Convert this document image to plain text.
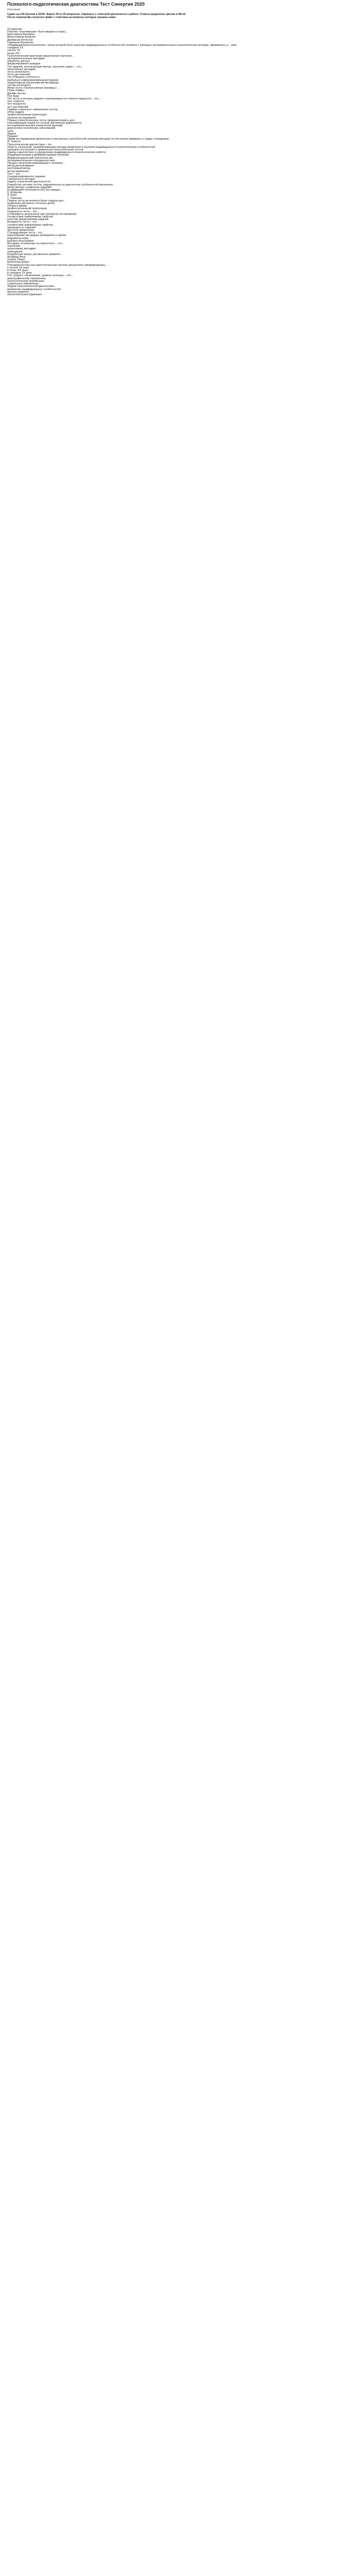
Психолого-педагогическая диагностика Тест Синергия 2020
Описание
Сдано на 100 баллов в 2020г. Верно 30 из 30 вопросов. Скриншот с отметкой прилагается к работе. Ответы выделены цветом в Word-
После покупки Вы получите файл с ответами на вопросы которые указаны ниже:
Оглавление
Понятие «психометрия» было введено в науку…
Кристианом Вольфом
Вильгельмом Вундтом
Джеймсом Кеттелом
Германом Роршахом
«Индивидуальная психология», целью которой было изучение индивидуальных особенностей человека с помощью экспериментально-психологических методов, оформилась в… веке
середине XX
начале XX
конце XIX
Психологический практикум предполагает изучение…
экспериментальные методики
обработку данных
формулирование выводов
Тип заданий, использующих метод: «решение задач» – это…
проективные методики
тесты интеллекта
тесты достижений
Тест Роршаха относится к…
вербально-коммуникативным методикам
перцептивным (проективным) методикам
тестам интеллекта
Автор теста «Прогрессивные матрицы»…
Рубен Рейвен
Джеймс Кеттел
Пол Анри
Тип теста, в котором задания сгруппированы по степени трудности, – это…
тест скорости
тест мощности
тест достижений
Пример «сквозного» применения тестов…
отбор кадров
профессиональная ориентация
научные исследования
Первые психологические тесты предназначались для…
классификации людей по степени умственной одаренности
исследования высших психических функций
диагностики психических заболеваний
Цель
Задачи
Предмет
Ярким исследованием физических и умственных способностей человека методом тестов начали развивать в трудах сотрудников
Ф. Гальтон
Психологическая диагностика – это…
область психологии, разрабатывающая методы выявления и изучения индивидуально-психологических особенностей
принципы построения и применения психологических тестов
подход к диагностике и определению индивидуально-психологических свойств
Индивидуализация и дифференциация обучения
Дифференциальный психологии как…
экспериментальная психодиагностика
Процесс получения информации о человеке…
метод распознавания
реестровый метод
метод измерения
Тест – это…
стандартизированное задание
совокупность методов
модель психической деятельности
Разработка системы тестов, направленных на диагностику особенностей мышления
Автор метода «сравнения подобий»
Коэффициент интеллекта (IQ) был введен…
В. Штерном
А. Бине
Т. Симоном
Первые тесты интеллекта были созданы для…
выявления умственно отсталых детей
отбора в армию
профессиональной ориентации
Надежность теста – это…
устойчивость результатов при повторном тестировании
соответствие измеряемому свойству
качество формулировки заданий
Валидность теста – это…
соответствие измеряемому свойству
однородность заданий
простота применения
Стандартизация теста – это…
единообразие процедуры проведения и оценки
разработка норм
выборка испытуемых
Методики, основанные на самоотчете, – это…
опросники
проективные методики
наблюдение
Разработчик шкалы умственного развития…
Альфред Бине
Теодор Симон
Вильгельм Штерн
Психодиагностика как самостоятельная научная дисциплина сформировалась…
в начале XX века
в конце XIX века
в середине XX века
Пол, возраст, образование, уровень культуры – это…
демографические переменные
психологические переменные
социальные переменные
Задачи психологической диагностики…
выявление индивидуальных особенностей
прогноз развития
психологическая коррекция
